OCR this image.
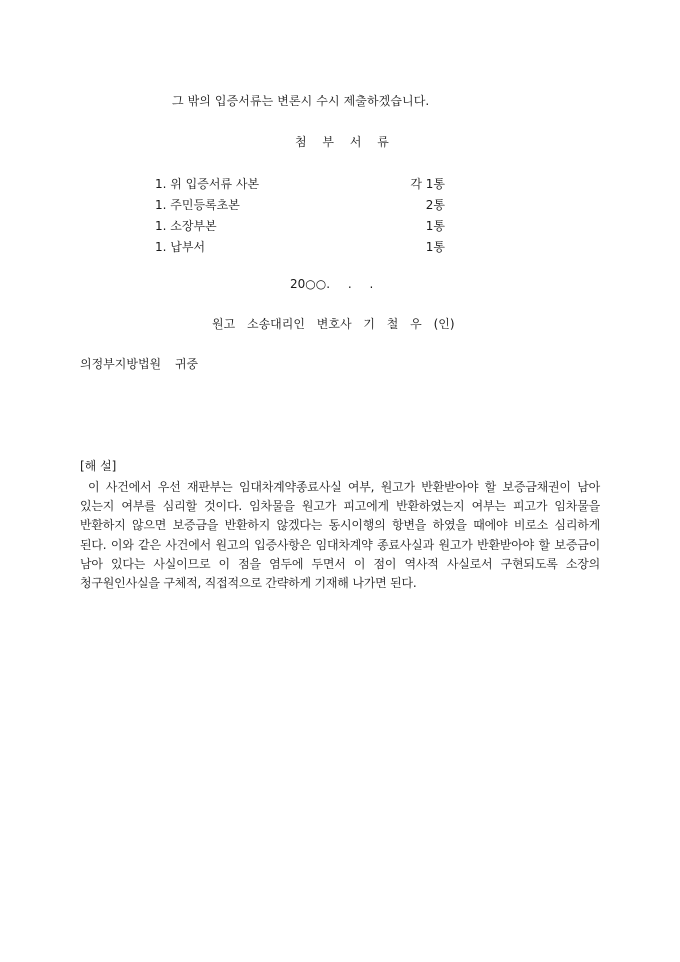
그 밖의 입증서류는 변론시 수시 제출하겠습니다.
첨 부 서 류
1. 위 입증서류 사본	각 1통
1. 주민등록초본	2통
1. 소장부본	1통
1. 납부서	1통
20○○. . .
원고 소송대리인 변호사 기 철 우 (인)
의정부지방법원 귀중
[해 설]

이 사건에서 우선 재판부는 임대차계약종료사실 여부, 원고가 반환받아야 할 보증금채권이 남아 있는지 여부를 심리할 것이다. 임차물을 원고가 피고에게 반환하였는지 여부는 피고가 임차물을 반환하지 않으면 보증금을 반환하지 않겠다는 동시이행의 항변을 하였을 때에야 비로소 심리하게 된다. 이와 같은 사건에서 원고의 입증사항은 임대차계약 종료사실과 원고가 반환받아야 할 보증금이 남아 있다는 사실이므로 이 점을 염두에 두면서 이 점이 역사적 사실로서 구현되도록 소장의 청구원인사실을 구체적, 직접적으로 간략하게 기재해 나가면 된다.
